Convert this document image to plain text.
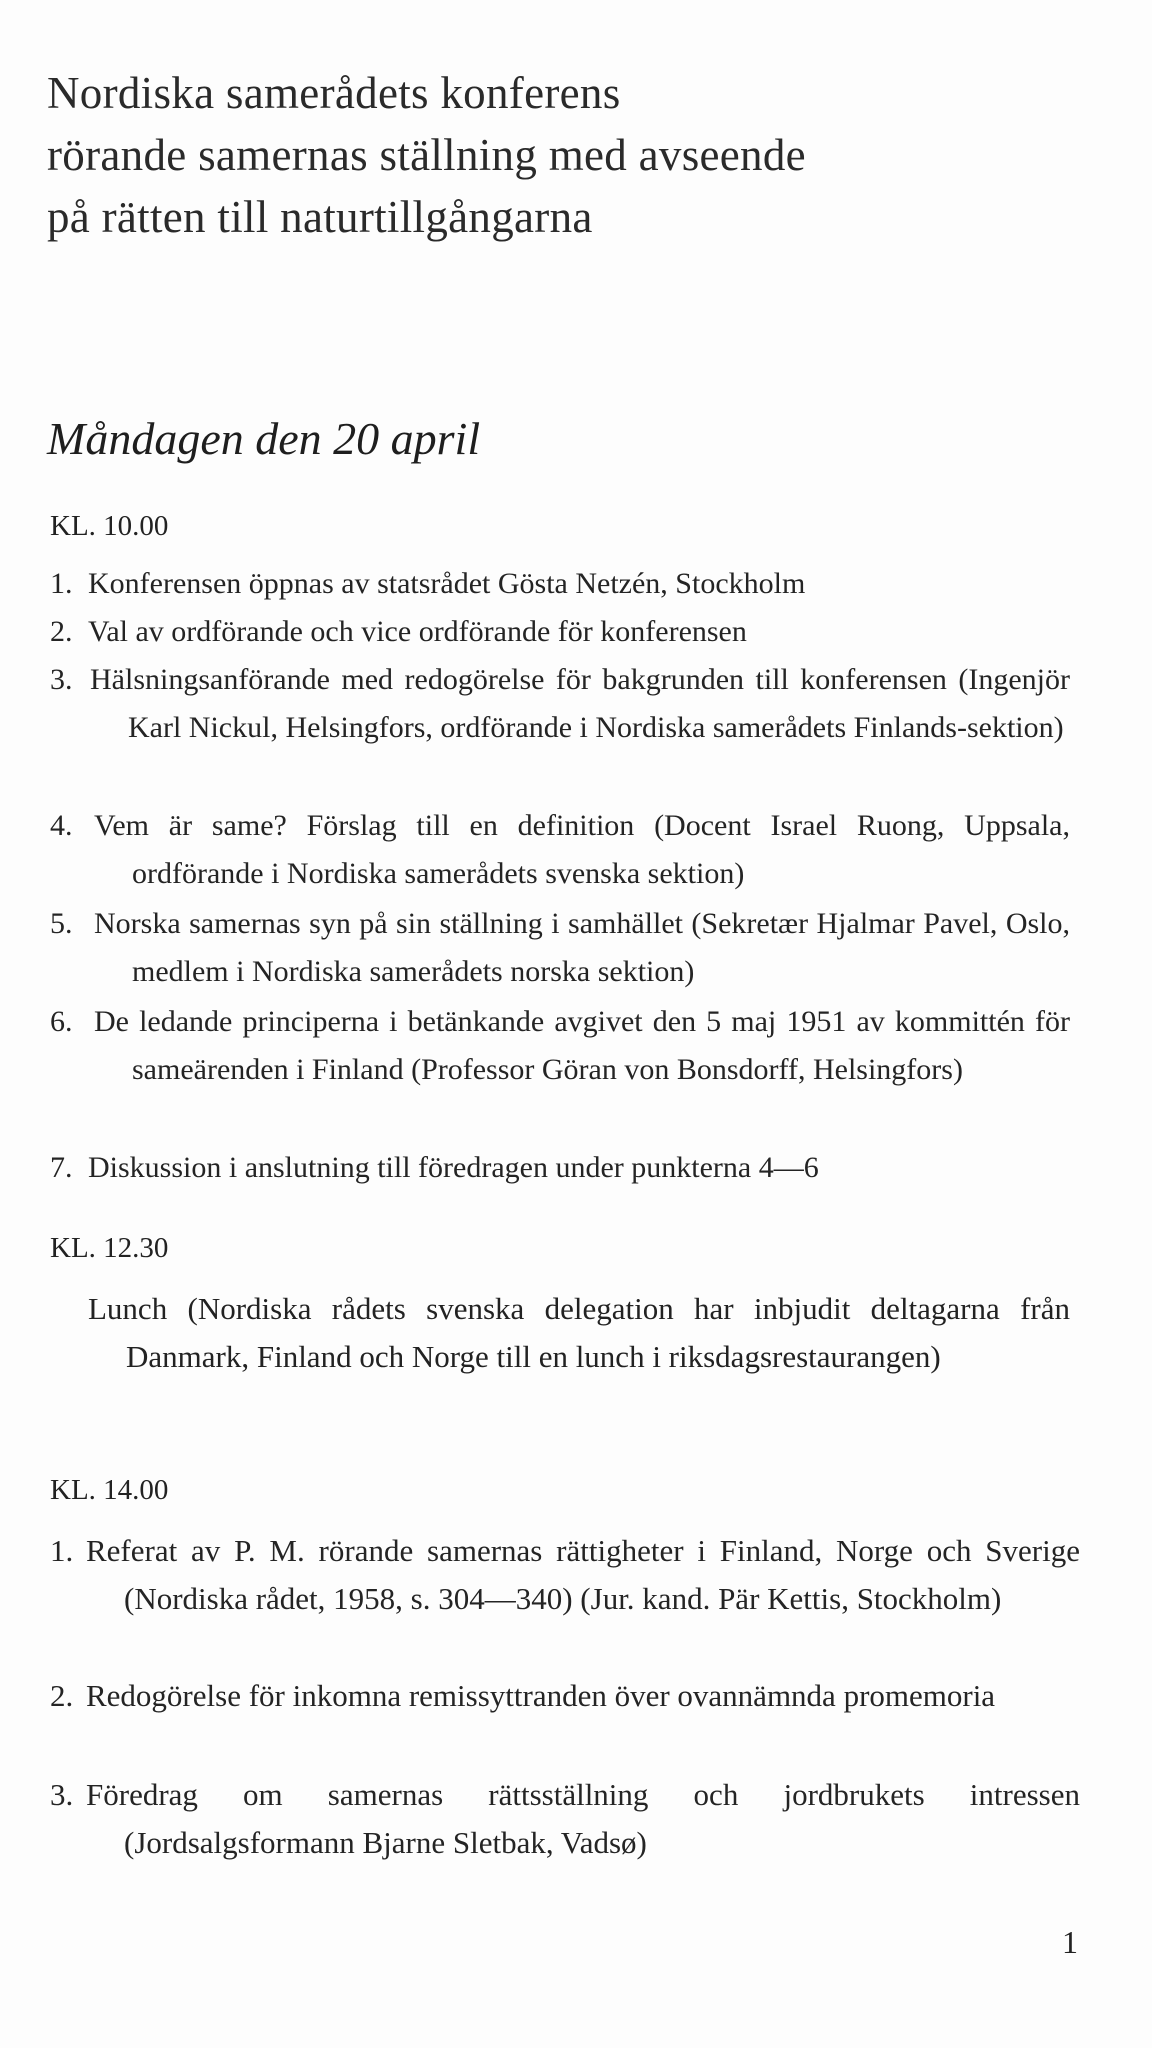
Nordiska samerådets konferens
rörande samernas ställning med avseende
på rätten till naturtillgångarna
Måndagen den 20 april
KL. 10.00
1. Konferensen öppnas av statsrådet Gösta Netzén, Stockholm
2. Val av ordförande och vice ordförande för konferensen
3. Hälsningsanförande med redogörelse för bakgrunden till konferensen (Ingenjör Karl Nickul, Helsingfors, ordförande i Nordiska samerådets Finlands-sektion)
4. Vem är same? Förslag till en definition (Docent Israel Ruong, Uppsala, ordförande i Nordiska samerådets svenska sektion)
5. Norska samernas syn på sin ställning i samhället (Sekretær Hjalmar Pavel, Oslo, medlem i Nordiska samerådets norska sektion)
6. De ledande principerna i betänkande avgivet den 5 maj 1951 av kommittén för sameärenden i Finland (Professor Göran von Bonsdorff, Helsingfors)
7. Diskussion i anslutning till föredragen under punkterna 4—6
KL. 12.30
Lunch (Nordiska rådets svenska delegation har inbjudit deltagarna från Danmark, Finland och Norge till en lunch i riksdagsrestaurangen)
KL. 14.00
1. Referat av P. M. rörande samernas rättigheter i Finland, Norge och Sverige (Nordiska rådet, 1958, s. 304—340) (Jur. kand. Pär Kettis, Stockholm)
2. Redogörelse för inkomna remissyttranden över ovannämnda promemoria
3. Föredrag om samernas rättsställning och jordbrukets intressen (Jordsalgsformann Bjarne Sletbak, Vadsø)
1
